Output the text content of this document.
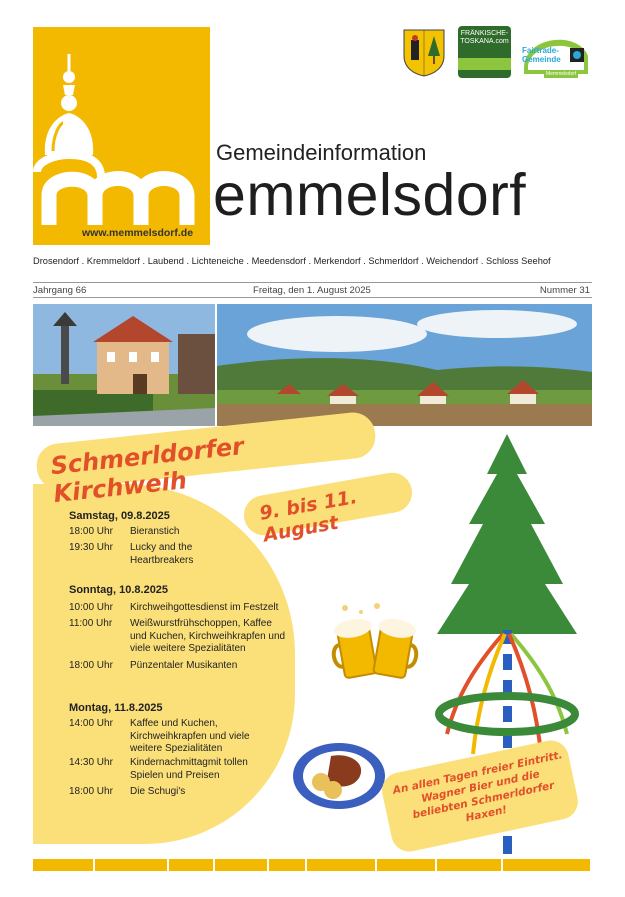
www.memmelsdorf.de
FRÄNKISCHE-TOSKANA.com
Fairtrade-
Gemeinde
Memmelsdorf
Gemeindeinformation
emmelsdorf
Drosendorf . Kremmeldorf . Laubend . Lichteneiche . Meedensdorf . Merkendorf . Schmerldorf . Weichendorf . Schloss Seehof
Jahrgang 66	Freitag, den 1. August 2025	Nummer 31
Schmerldorfer Kirchweih	9. bis 11. August
Samstag, 09.8.2025
18:00 Uhr	Bieranstich
19:30 Uhr	Lucky and the Heartbreakers
Sonntag, 10.8.2025
10:00 Uhr	Kirchweihgottesdienst im Festzelt
11:00 Uhr	Weißwurstfrühschoppen, Kaffee und Kuchen, Kirchweihkrapfen und viele weitere Spezialitäten
18:00 Uhr	Pünzentaler Musikanten
Montag, 11.8.2025
14:00 Uhr	Kaffee und Kuchen, Kirchweihkrapfen und viele weitere Spezialitäten
14:30 Uhr	Kindernachmittagmit tollen Spielen und Preisen
18:00 Uhr	Die Schugi's	An allen Tagen freier Eintritt. Wagner Bier und die beliebten Schmerldorfer Haxen!
